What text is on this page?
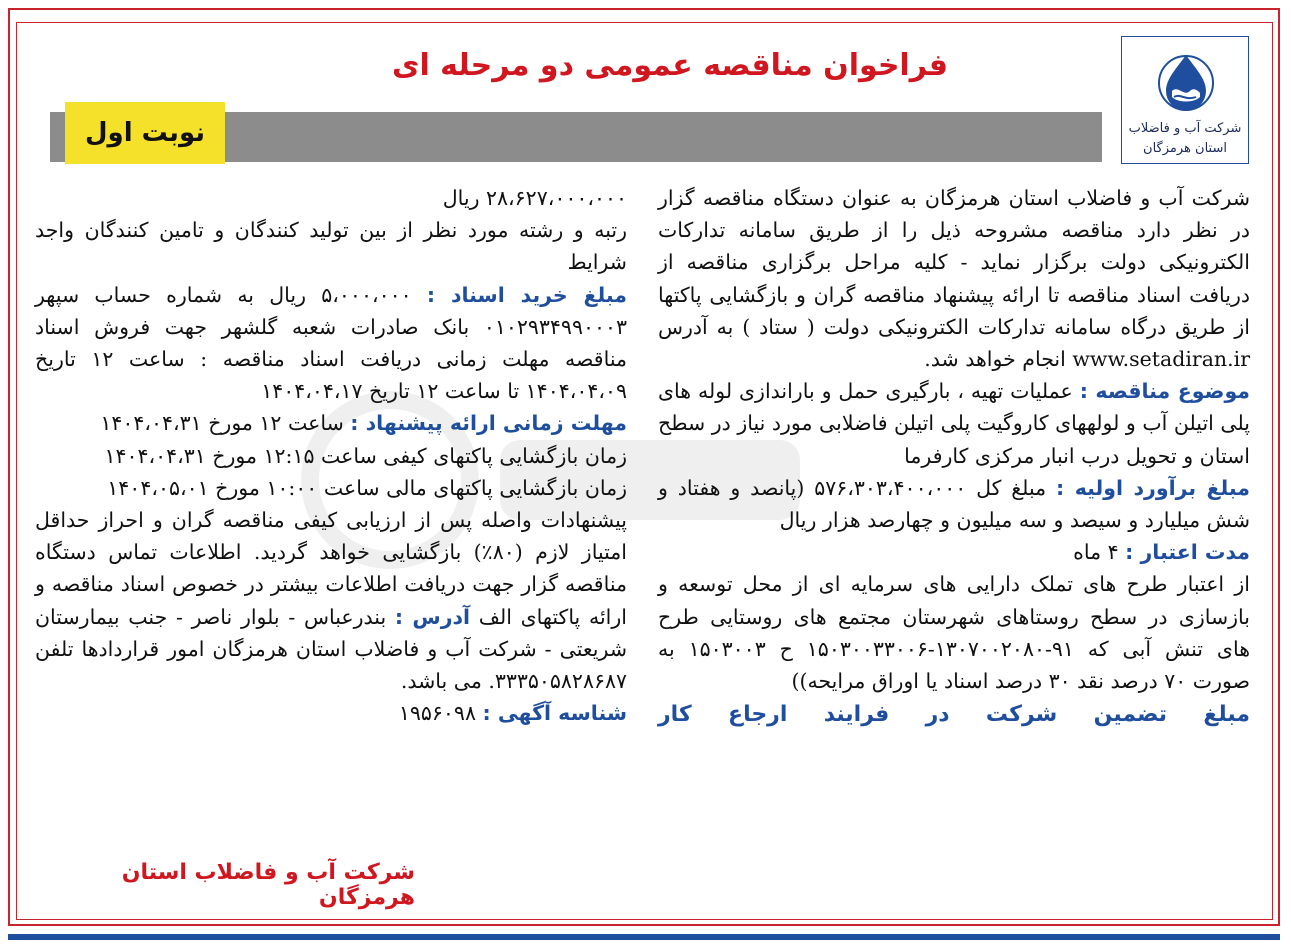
شرکت آب و فاضلاب
استان هرمزگان
فراخوان مناقصه عمومی دو مرحله ای
نوبت اول

شرکت آب و فاضلاب استان هرمزگان به عنوان دستگاه مناقصه گزار در نظر دارد مناقصه مشروحه ذیل را از طریق سامانه تدارکات الکترونیکی دولت برگزار نماید - کلیه مراحل برگزاری مناقصه از دریافت اسناد مناقصه تا ارائه پیشنهاد مناقصه گران و بازگشایی پاکتها از طریق درگاه سامانه تدارکات الکترونیکی دولت ( ستاد ) به آدرس www.setadiran.ir انجام خواهد شد.

موضوع مناقصه : عملیات تهیه ، بارگیری حمل و باراندازی لوله های پلی اتیلن آب و لولههای کاروگیت پلی اتیلن فاضلابی مورد نیاز در سطح استان و تحویل درب انبار مرکزی کارفرما

مبلغ برآورد اولیه : مبلغ کل ۵۷۶،۳۰۳،۴۰۰،۰۰۰ (پانصد و هفتاد و شش میلیارد و سیصد و سه میلیون و چهارصد هزار ریال

مدت اعتبار : ۴ ماه

از اعتبار طرح های تملک دارایی های سرمایه ای از محل توسعه و بازسازی در سطح روستاهای شهرستان مجتمع های روستایی طرح های تنش آبی که ۹۱-۱۳۰۷۰۰۲۰۸۰-۱۵۰۳۰۰۳۳۰۰۶ ح ۱۵۰۳۰۰۳ به صورت ۷۰ درصد نقد ۳۰ درصد اسناد یا اوراق مرایحه))

مبلغ تضمین شرکت در فرایند ارجاع کار

۲۸،۶۲۷،۰۰۰،۰۰۰ ریال

رتبه و رشته مورد نظر از بین تولید کنندگان و تامین کنندگان واجد شرایط

مبلغ خرید اسناد : ۵،۰۰۰،۰۰۰ ریال به شماره حساب سپهر ۰۱۰۲۹۳۴۹۹۰۰۰۳ بانک صادرات شعبه گلشهر جهت فروش اسناد مناقصه مهلت زمانی دریافت اسناد مناقصه : ساعت ۱۲ تاریخ ۱۴۰۴،۰۴،۰۹ تا ساعت ۱۲ تاریخ ۱۴۰۴،۰۴،۱۷

مهلت زمانی ارائه پیشنهاد : ساعت ۱۲ مورخ ۱۴۰۴،۰۴،۳۱

زمان بازگشایی پاکتهای کیفی ساعت ۱۲:۱۵ مورخ ۱۴۰۴،۰۴،۳۱

زمان بازگشایی پاکتهای مالی ساعت ۱۰:۰۰ مورخ ۱۴۰۴،۰۵،۰۱

پیشنهادات واصله پس از ارزیابی کیفی مناقصه گران و احراز حداقل امتیاز لازم (۸۰٪) بازگشایی خواهد گردید. اطلاعات تماس دستگاه مناقصه گزار جهت دریافت اطلاعات بیشتر در خصوص اسناد مناقصه و ارائه پاکتهای الف آدرس : بندرعباس - بلوار ناصر - جنب بیمارستان شریعتی - شرکت آب و فاضلاب استان هرمزگان امور قراردادها تلفن ۳۳۳۵۰۵۸۲۸۶۸۷. می باشد.

شناسه آگهی : ۱۹۵۶۰۹۸

شرکت آب و فاضلاب استان هرمزگان
